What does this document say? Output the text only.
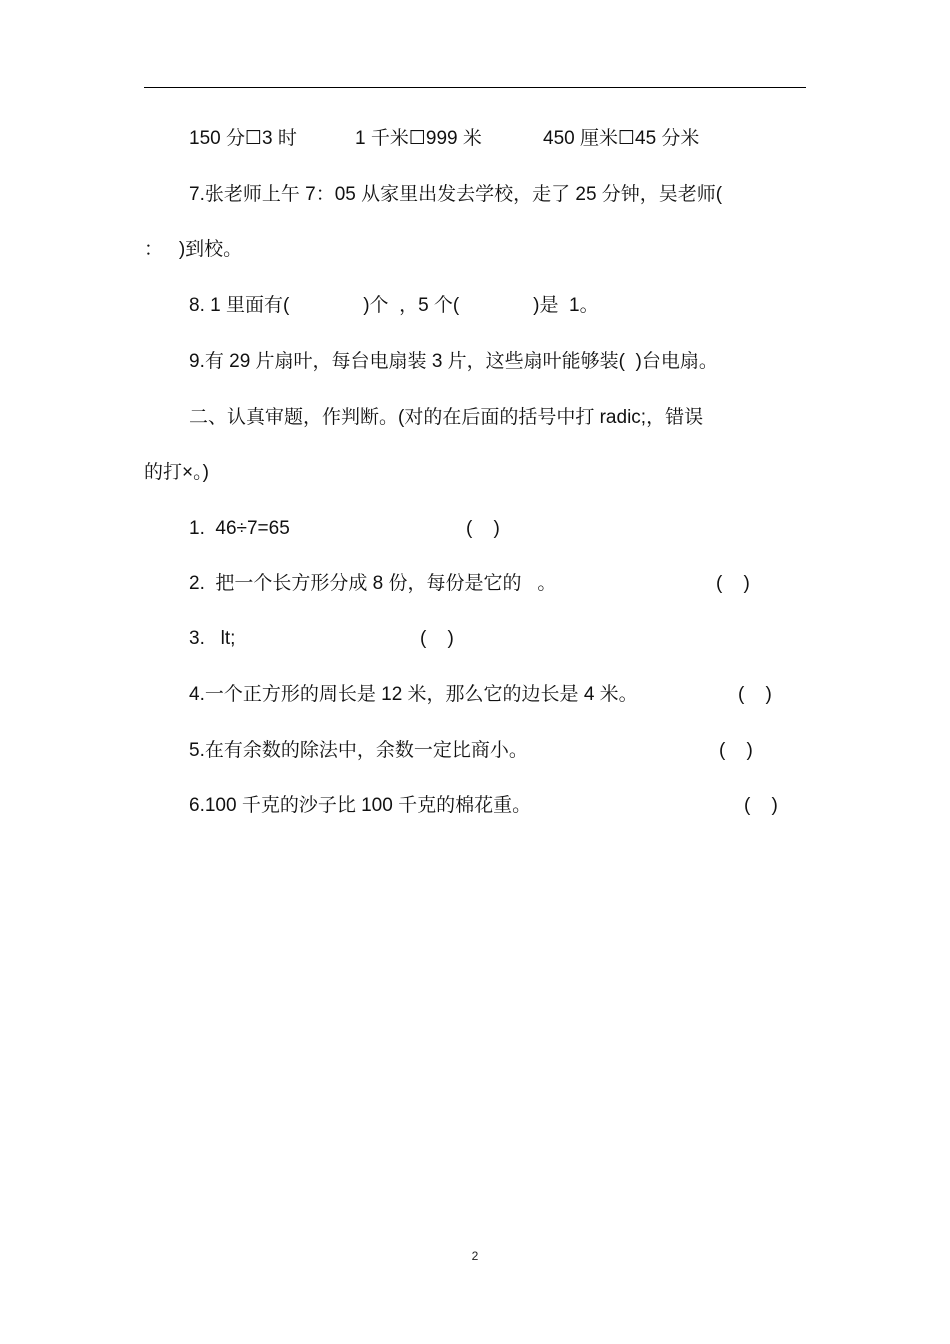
150 分☐3 时

	1 千米☐999 米

	450 厘米☐45 分米

7.张老师上午 7：05 从家里出发去学校，走了 25 分钟，吴老师(
：   )到校。
8. 1 里面有(              )个  ，5 个(              )是  1。
9.有 29 片扇叶，每台电扇装 3 片，这些扇叶能够装(  )台电扇。
二、认真审题，作判断。(对的在后面的括号中打 radic;，错误
的打×。)

1.  46÷7=65

	(    )

2.  把一个长方形分成 8 份，每份是它的   。

	(    )

3.   lt;

	(    )

4.一个正方形的周长是 12 米，那么它的边长是 4 米。

	(    )

5.在有余数的除法中，余数一定比商小。

	(    )

6.100 千克的沙子比 100 千克的棉花重。

	(    )

2
